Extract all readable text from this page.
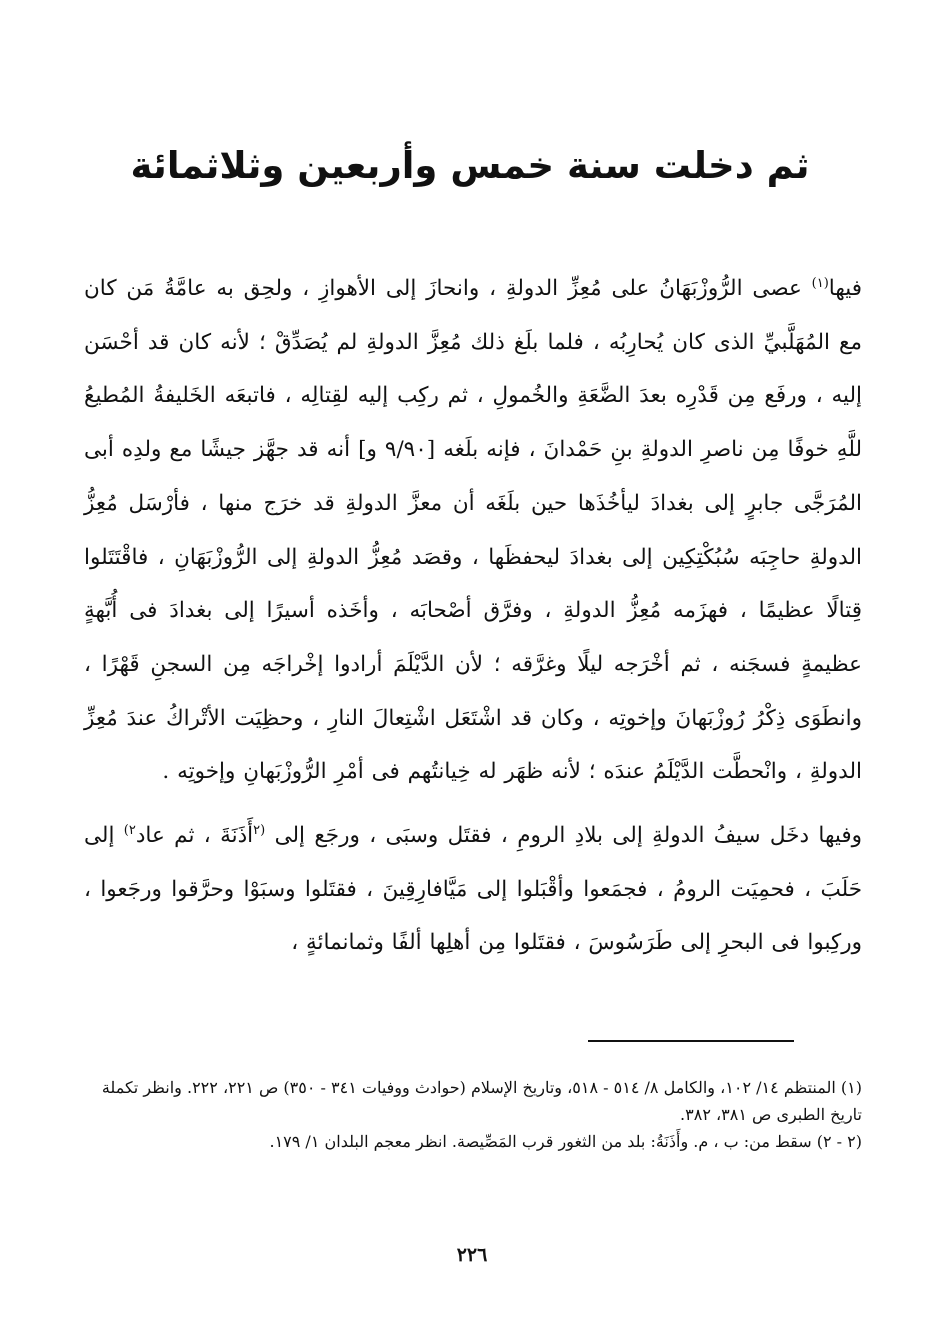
ثم دخلت سنة خمس وأربعين وثلاثمائة

فيها$^{(١)}$ عصى الرُّوزْبَهَانُ على مُعِزِّ الدولةِ ، وانحازَ إلى الأهوازِ ، ولحِق به عامَّةُ مَن كان مع المُهَلَّبيِّ الذى كان يُحارِبُه ، فلما بلَغ ذلك مُعِزَّ الدولةِ لم يُصَدِّقْ ؛ لأنه كان قد أحْسَن إليه ، ورفَع مِن قَدْرِه بعدَ الضَّعَةِ والخُمولِ ، ثم ركِب إليه لقِتالِه ، فاتبعَه الخَليفةُ المُطيعُ للَّهِ خوفًا مِن ناصرِ الدولةِ بنِ حَمْدانَ ، فإنه بلَغه [٩/٩٠ و] أنه قد جهَّز جيشًا مع ولدِه أبى المُرَجَّى جابرٍ إلى بغدادَ ليأخُذَها حين بلَغَه أن معزَّ الدولةِ قد خرَج منها ، فأرْسَل مُعِزُّ الدولةِ حاجِبَه سُبُكْتِكِين إلى بغدادَ ليحفظَها ، وقصَد مُعِزُّ الدولةِ إلى الرُّوزْبَهَانِ ، فاقْتَتَلوا قِتالًا عظيمًا ، فهزَمه مُعِزُّ الدولةِ ، وفرَّق أصْحابَه ، وأخَذه أسيرًا إلى بغدادَ فى أُبَّهةٍ عظيمةٍ فسجَنه ، ثم أخْرَجه ليلًا وغرَّقه ؛ لأن الدَّيْلَمَ أرادوا إخْراجَه مِن السجنِ قَهْرًا ، وانطَوَى ذِكْرُ رُوزْبَهانَ وإخوتِه ، وكان قد اشْتَعَل اشْتِعالَ النارِ ، وحظِيَت الأتْراكُ عندَ مُعِزِّ الدولةِ ، وانْحطَّت الدَّيْلَمُ عندَه ؛ لأنه ظهَر له خِيانتُهم فى أمْرِ الرُّوزْبَهانِ وإخوتِه .

وفيها دخَل سيفُ الدولةِ إلى بلادِ الرومِ ، فقتَل وسبَى ، ورجَع إلى $^{(٢}$أَذَنَةَ ، ثم عاد$^{٢)}$ إلى حَلَبَ ، فحمِيَت الرومُ ، فجمَعوا وأقْبَلوا إلى مَيَّافارِقِينَ ، فقتَلوا وسبَوْا وحرَّقوا ورجَعوا ، وركِبوا فى البحرِ إلى طَرَسُوسَ ، فقتَلوا مِن أهلِها ألفًا وثمانمائةٍ ،

(١) المنتظم ١٤/ ١٠٢، والكامل ٨/ ٥١٤ - ٥١٨، وتاريخ الإسلام (حوادث ووفيات ٣٤١ - ٣٥٠) ص ٢٢١، ٢٢٢. وانظر تكملة تاريخ الطبرى ص ٣٨١، ٣٨٢.
(٢ - ٢) سقط من: ب ، م. وأَذَنَةُ: بلد من الثغور قرب المَصِّيصة. انظر معجم البلدان ١/ ١٧٩.
٢٢٦
